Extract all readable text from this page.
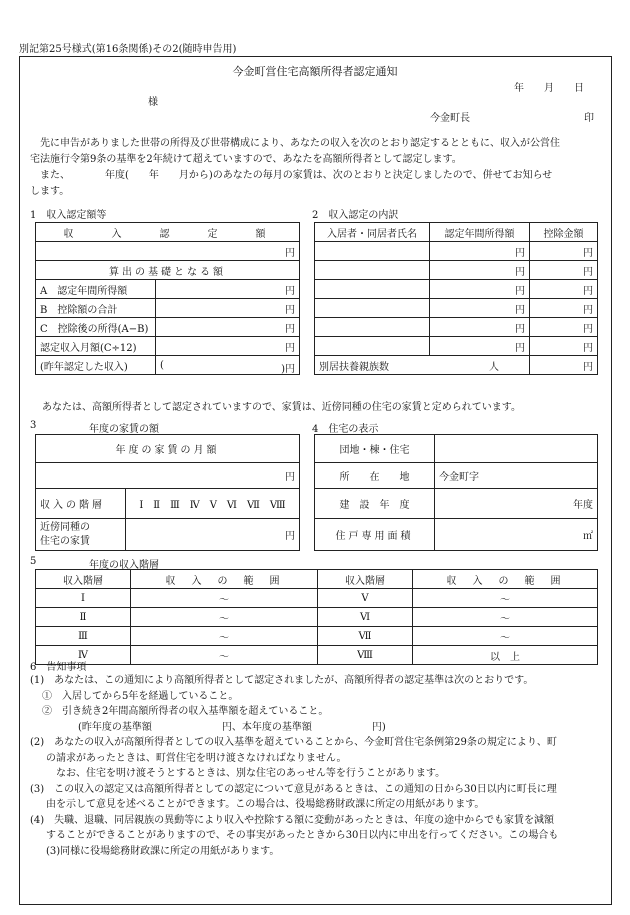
別記第25号様式(第16条関係)その2(随時申告用)
今金町営住宅高額所得者認定通知
年　　月　　日
様
今金町長	印
先に申告がありました世帯の所得及び世帯構成により、あなたの収入を次のとおり認定するとともに、収入が公営住
宅法施行令第9条の基準を2年続けて超えていますので、あなたを高額所得者として認定します。
また、　　　　年度(　　年　　月から)のあなたの毎月の家賃は、次のとおりと決定しましたので、併せてお知らせ
します。
1　収入認定額等
収　　入　　認　　定　　額	
円	
算出の基礎となる額	
A　認定年間所得額	円
B　控除額の合計	円
C　控除後の所得(A−B)	円
認定収入月額(C÷12)	円
(昨年認定した収入)	( )円
2　収入認定の内訳
入居者・同居者氏名	認定年間所得額	控除金額
	円	円
	円	円
	円	円
	円	円
	円	円
	円	円
別居扶養親族数 人		円
あなたは、高額所得者として認定されていますので、家賃は、近傍同種の住宅の家賃と定められています。
3	年度の家賃の額
年度の家賃の月額	
円	
収入の階層	Ⅰ　Ⅱ　Ⅲ　Ⅳ　Ⅴ　Ⅵ　Ⅶ　Ⅷ

近傍同種の
住宅の家賃	円
4　住宅の表示
団地・棟・住宅	
所　　在　　地	今金町字
建　設　年　度	年度
住戸専用面積	㎡
5	年度の収入階層
収入階層	収　入　の　範　囲	収入階層	収　入　の　範　囲
Ⅰ	〜	Ⅴ	〜
Ⅱ	〜	Ⅵ	〜
Ⅲ	〜	Ⅶ	〜
Ⅳ	〜	Ⅷ	以　上
6　告知事項
(1)　あなたは、この通知により高額所得者として認定されましたが、高額所得者の認定基準は次のとおりです。
①　入居してから5年を経過していること。
②　引き続き2年間高額所得者の収入基準額を超えていること。
(昨年度の基準額　　　　　　　円、本年度の基準額　　　　　　円)
(2)　あなたの収入が高額所得者としての収入基準を超えていることから、今金町営住宅条例第29条の規定により、町
の請求があったときは、町営住宅を明け渡さなければなりません。
なお、住宅を明け渡そうとするときは、別な住宅のあっせん等を行うことがあります。
(3)　この収入の認定又は高額所得者としての認定について意見があるときは、この通知の日から30日以内に町長に理
由を示して意見を述べることができます。この場合は、役場総務財政課に所定の用紙があります。
(4)　失職、退職、同居親族の異動等により収入や控除する額に変動があったときは、年度の途中からでも家賃を減額
することができることがありますので、その事実があったときから30日以内に申出を行ってください。この場合も
(3)同様に役場総務財政課に所定の用紙があります。
